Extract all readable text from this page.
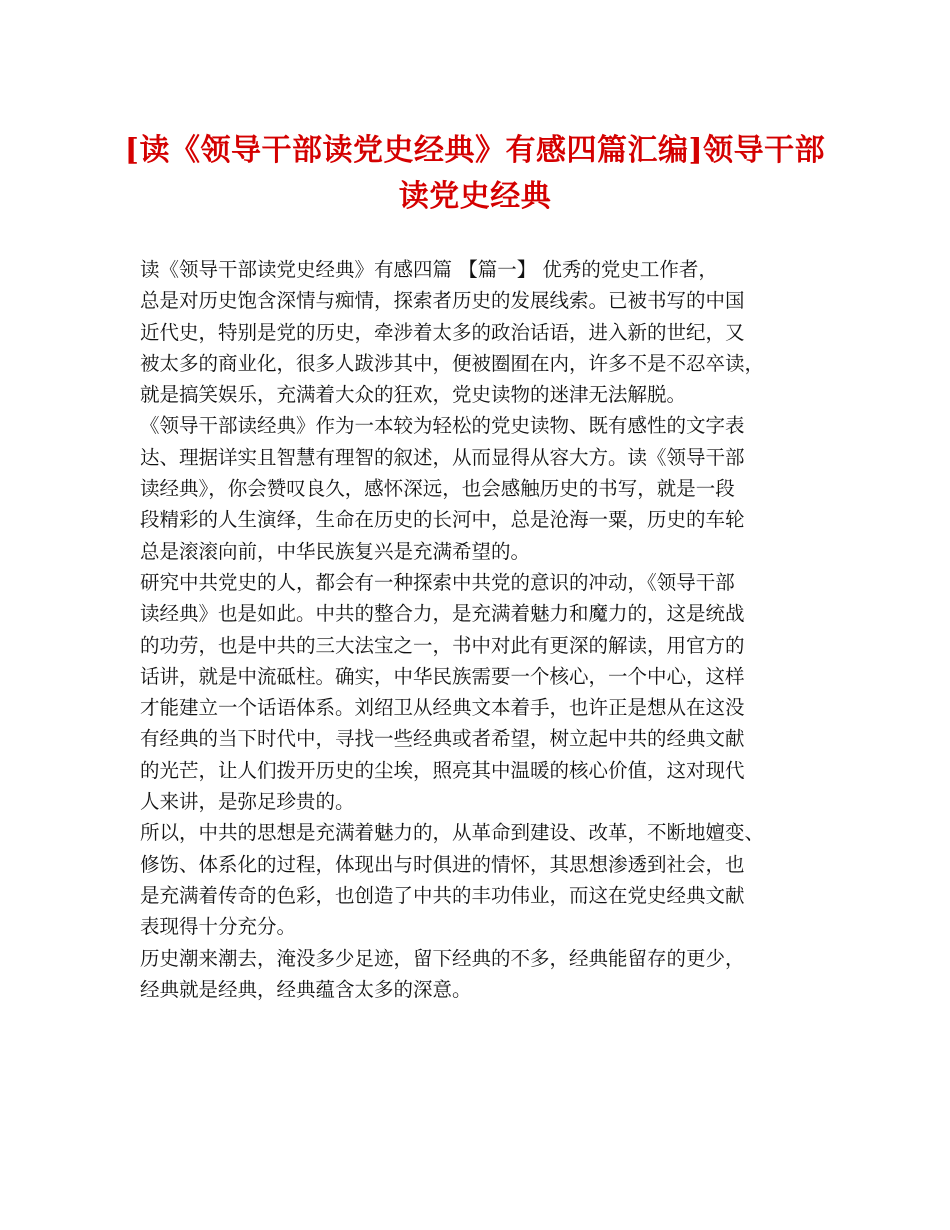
[读《领导干部读党史经典》有感四篇汇编]领导干部
读党史经典
读《领导干部读党史经典》有感四篇 【篇一】 优秀的党史工作者，
总是对历史饱含深情与痴情，探索者历史的发展线索。已被书写的中国
近代史，特别是党的历史，牵涉着太多的政治话语，进入新的世纪，又
被太多的商业化，很多人跋涉其中，便被圈囿在内，许多不是不忍卒读，
就是搞笑娱乐，充满着大众的狂欢，党史读物的迷津无法解脱。
《领导干部读经典》作为一本较为轻松的党史读物、既有感性的文字表
达、理据详实且智慧有理智的叙述，从而显得从容大方。读《领导干部
读经典》，你会赞叹良久，感怀深远，也会感触历史的书写，就是一段
段精彩的人生演绎，生命在历史的长河中，总是沧海一粟，历史的车轮
总是滚滚向前，中华民族复兴是充满希望的。
研究中共党史的人，都会有一种探索中共党的意识的冲动，《领导干部
读经典》也是如此。中共的整合力，是充满着魅力和魔力的，这是统战
的功劳，也是中共的三大法宝之一，书中对此有更深的解读，用官方的
话讲，就是中流砥柱。确实，中华民族需要一个核心，一个中心，这样
才能建立一个话语体系。刘绍卫从经典文本着手，也许正是想从在这没
有经典的当下时代中，寻找一些经典或者希望，树立起中共的经典文献
的光芒，让人们拨开历史的尘埃，照亮其中温暖的核心价值，这对现代
人来讲，是弥足珍贵的。
所以，中共的思想是充满着魅力的，从革命到建设、改革，不断地嬗变、
修饬、体系化的过程，体现出与时俱进的情怀，其思想渗透到社会，也
是充满着传奇的色彩，也创造了中共的丰功伟业，而这在党史经典文献
表现得十分充分。
历史潮来潮去，淹没多少足迹，留下经典的不多，经典能留存的更少，
经典就是经典，经典蕴含太多的深意。
